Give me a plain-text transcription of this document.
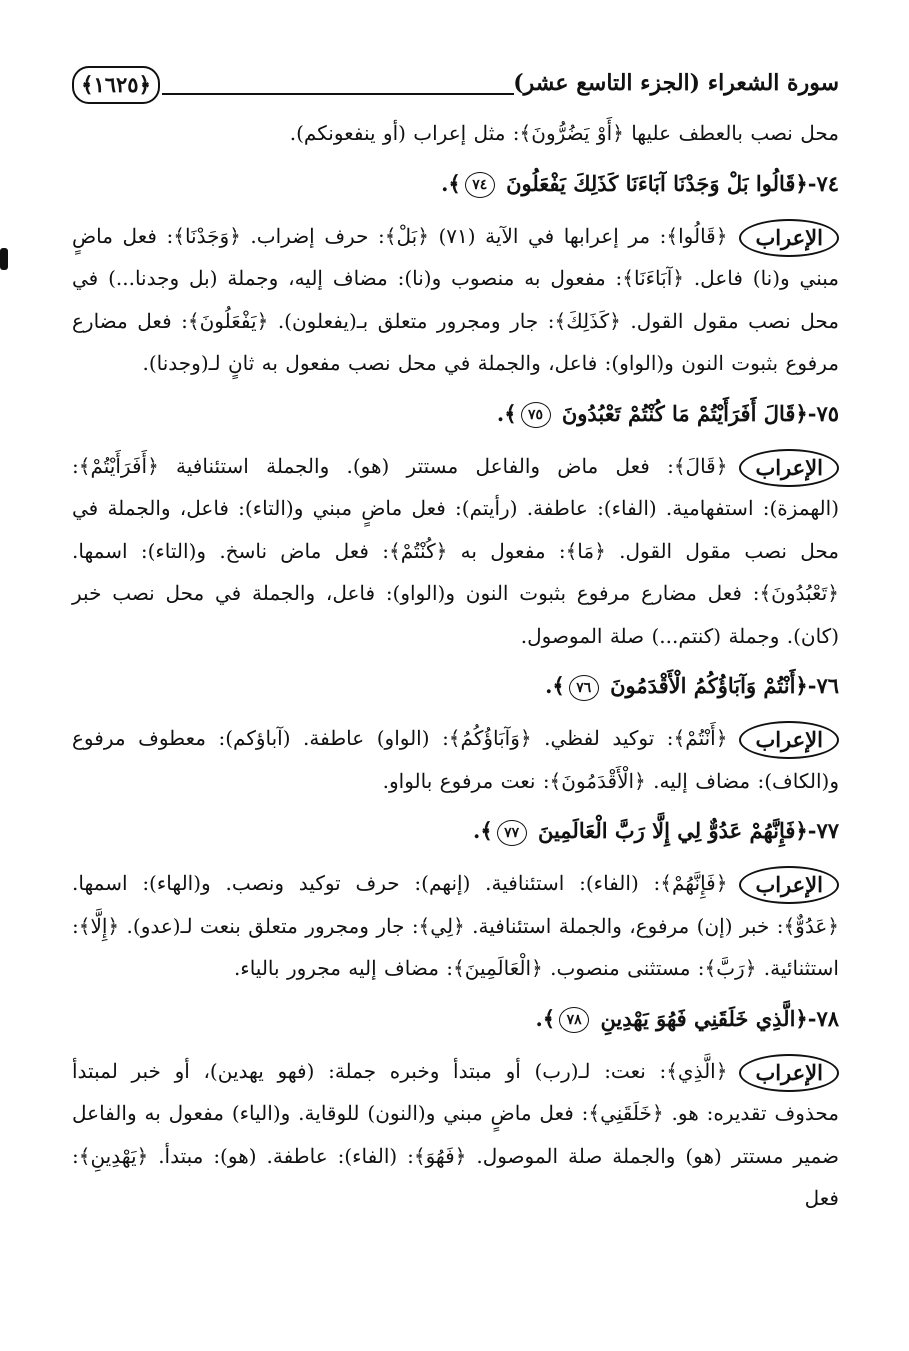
سورة الشعراء (الجزء التاسع عشر)
﴿١٦٢٥﴾

محل نصب بالعطف عليها ﴿أَوْ يَضُرُّونَ﴾: مثل إعراب (أو ينفعونكم).

٧٤-﴿قَالُوا بَلْ وَجَدْنَا آبَاءَنَا كَذَلِكَ يَفْعَلُونَ ٧٤﴾.

الإعراب
﴿قَالُوا﴾: مر إعرابها في الآية (٧١) ﴿بَلْ﴾: حرف إضراب. ﴿وَجَدْنَا﴾: فعل ماضٍ مبني و(نا) فاعل. ﴿آبَاءَنَا﴾: مفعول به منصوب و(نا): مضاف إليه، وجملة (بل وجدنا...) في محل نصب مقول القول. ﴿كَذَلِكَ﴾: جار ومجرور متعلق بـ(يفعلون). ﴿يَفْعَلُونَ﴾: فعل مضارع مرفوع بثبوت النون و(الواو): فاعل، والجملة في محل نصب مفعول به ثانٍ لـ(وجدنا).

٧٥-﴿قَالَ أَفَرَأَيْتُمْ مَا كُنْتُمْ تَعْبُدُونَ ٧٥﴾.

الإعراب
﴿قَالَ﴾: فعل ماض والفاعل مستتر (هو). والجملة استئنافية ﴿أَفَرَأَيْتُمْ﴾: (الهمزة): استفهامية. (الفاء): عاطفة. (رأيتم): فعل ماضٍ مبني و(التاء): فاعل، والجملة في محل نصب مقول القول. ﴿مَا﴾: مفعول به ﴿كُنْتُمْ﴾: فعل ماض ناسخ. و(التاء): اسمها. ﴿تَعْبُدُونَ﴾: فعل مضارع مرفوع بثبوت النون و(الواو): فاعل، والجملة في محل نصب خبر (كان). وجملة (كنتم...) صلة الموصول.

٧٦-﴿أَنْتُمْ وَآبَاؤُكُمُ الْأَقْدَمُونَ ٧٦﴾.

الإعراب
﴿أَنْتُمْ﴾: توكيد لفظي. ﴿وَآبَاؤُكُمُ﴾: (الواو) عاطفة. (آباؤكم): معطوف مرفوع و(الكاف): مضاف إليه. ﴿الْأَقْدَمُونَ﴾: نعت مرفوع بالواو.

٧٧-﴿فَإِنَّهُمْ عَدُوٌّ لِي إِلَّا رَبَّ الْعَالَمِينَ ٧٧﴾.

الإعراب
﴿فَإِنَّهُمْ﴾: (الفاء): استئنافية. (إنهم): حرف توكيد ونصب. و(الهاء): اسمها. ﴿عَدُوٌّ﴾: خبر (إن) مرفوع، والجملة استئنافية. ﴿لِي﴾: جار ومجرور متعلق بنعت لـ(عدو). ﴿إِلَّا﴾: استثنائية. ﴿رَبَّ﴾: مستثنى منصوب. ﴿الْعَالَمِينَ﴾: مضاف إليه مجرور بالياء.

٧٨-﴿الَّذِي خَلَقَنِي فَهُوَ يَهْدِينِ ٧٨﴾.

الإعراب
﴿الَّذِي﴾: نعت: لـ(رب) أو مبتدأ وخبره جملة: (فهو يهدين)، أو خبر لمبتدأ محذوف تقديره: هو. ﴿خَلَقَنِي﴾: فعل ماضٍ مبني و(النون) للوقاية. و(الياء) مفعول به والفاعل ضمير مستتر (هو) والجملة صلة الموصول. ﴿فَهُوَ﴾: (الفاء): عاطفة. (هو): مبتدأ. ﴿يَهْدِينِ﴾: فعل
